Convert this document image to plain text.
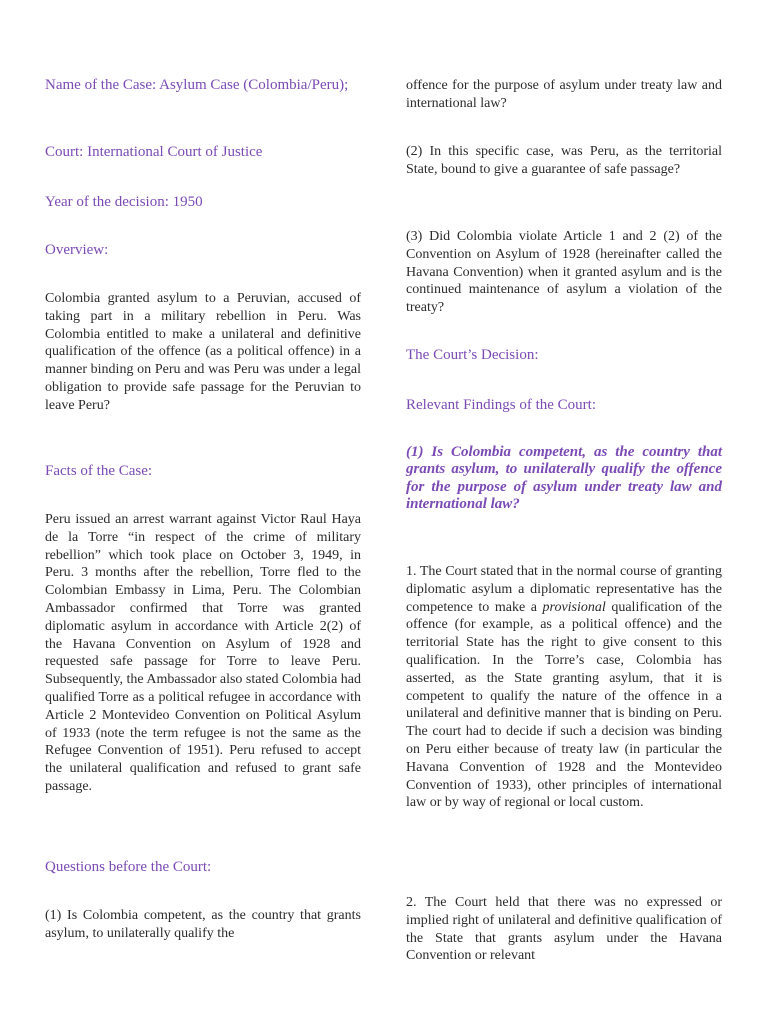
Name of the Case: Asylum Case (Colombia/Peru);

Court: International Court of Justice

Year of the decision: 1950

Overview:

Colombia granted asylum to a Peruvian, accused of taking part in a military rebellion in Peru. Was Colombia entitled to make a unilateral and definitive qualification of the offence (as a political offence) in a manner binding on Peru and was Peru was under a legal obligation to provide safe passage for the Peruvian to leave Peru?

Facts of the Case:

Peru issued an arrest warrant against Victor Raul Haya de la Torre “in respect of the crime of military rebellion” which took place on October 3, 1949, in Peru. 3 months after the rebellion, Torre fled to the Colombian Embassy in Lima, Peru. The Colombian Ambassador confirmed that Torre was granted diplomatic asylum in accordance with Article 2(2) of the Havana Convention on Asylum of 1928 and requested safe passage for Torre to leave Peru. Subsequently, the Ambassador also stated Colombia had qualified Torre as a political refugee in accordance with Article 2 Montevideo Convention on Political Asylum of 1933 (note the term refugee is not the same as the Refugee Convention of 1951). Peru refused to accept the unilateral qualification and refused to grant safe passage.

Questions before the Court:

(1) Is Colombia competent, as the country that grants asylum, to unilaterally qualify the

offence for the purpose of asylum under treaty law and international law?

(2) In this specific case, was Peru, as the territorial State, bound to give a guarantee of safe passage?

(3) Did Colombia violate Article 1 and 2 (2) of the Convention on Asylum of 1928 (hereinafter called the Havana Convention) when it granted asylum and is the continued maintenance of asylum a violation of the treaty?

The Court’s Decision:

Relevant Findings of the Court:

(1) Is Colombia competent, as the country that grants asylum, to unilaterally qualify the offence for the purpose of asylum under treaty law and international law?

1. The Court stated that in the normal course of granting diplomatic asylum a diplomatic representative has the competence to make a provisional qualification of the offence (for example, as a political offence) and the territorial State has the right to give consent to this qualification. In the Torre’s case, Colombia has asserted, as the State granting asylum, that it is competent to qualify the nature of the offence in a unilateral and definitive manner that is binding on Peru. The court had to decide if such a decision was binding on Peru either because of treaty law (in particular the Havana Convention of 1928 and the Montevideo Convention of 1933), other principles of international law or by way of regional or local custom.

2. The Court held that there was no expressed or implied right of unilateral and definitive qualification of the State that grants asylum under the Havana Convention or relevant
